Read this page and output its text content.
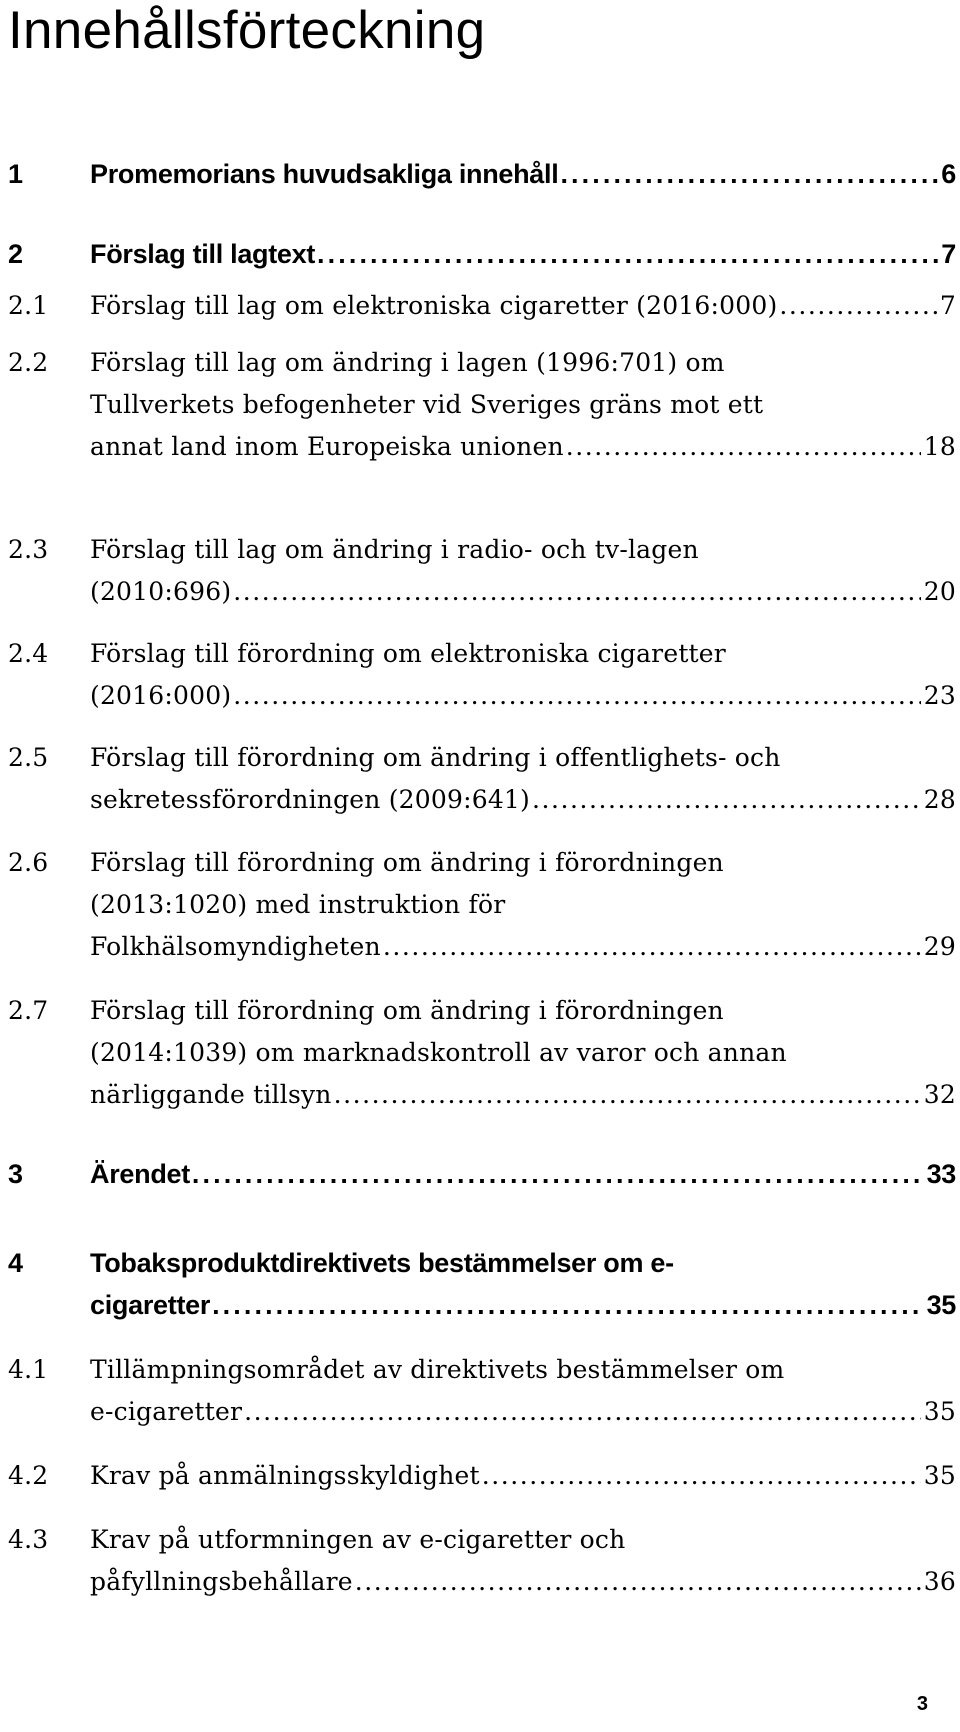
Innehållsförteckning
1 Promemorians huvudsakliga innehåll . . .	6
2 Förslag till lagtext . . .	7
2.1 Förslag till lag om elektroniska cigaretter (2016:000) . . .	7
2.2 Förslag till lag om ändring i lagen (1996:701) om
Tullverkets befogenheter vid Sveriges gräns mot ett
annat land inom Europeiska unionen . . .	18
2.3 Förslag till lag om ändring i radio- och tv-lagen
(2010:696) . . .	20
2.4 Förslag till förordning om elektroniska cigaretter
(2016:000) . . .	23
2.5 Förslag till förordning om ändring i offentlighets- och
sekretessförordningen (2009:641) . . .	28
2.6 Förslag till förordning om ändring i förordningen
(2013:1020) med instruktion för
Folkhälsomyndigheten . . .	29
2.7 Förslag till förordning om ändring i förordningen
(2014:1039) om marknadskontroll av varor och annan
närliggande tillsyn . . .	32
3 Ärendet . . .	33
4 Tobaksproduktdirektivets bestämmelser om e-
cigaretter . . .	35
4.1 Tillämpningsområdet av direktivets bestämmelser om
e-cigaretter . . .	35
4.2 Krav på anmälningsskyldighet . . .	35
4.3 Krav på utformningen av e-cigaretter och
påfyllningsbehållare . . .	36
3
